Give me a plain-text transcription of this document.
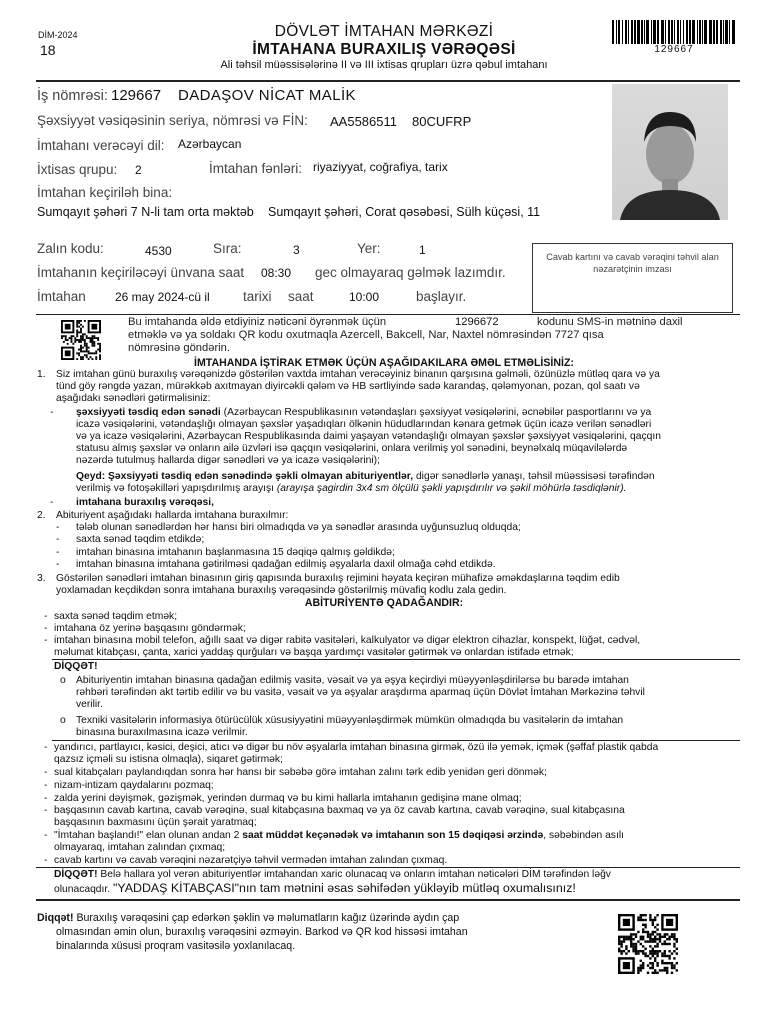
DİM-2024
18
DÖVLƏT İMTAHAN MƏRKƏZİ
İMTAHANA BURAXILIŞ VƏRƏQƏSİ
Ali təhsil müəssisələrinə II və III ixtisas qrupları üzrə qəbul imtahanı
129667
İş nömrəsi: 129667 DADAŞOV NİCAT MALİK
Şəxsiyyət vəsiqəsinin seriya, nömrəsi və FİN: AA5586511 80CUFRP
İmtahanı verəcəyi dil: Azərbaycan
İxtisas qrupu: 2	İmtahan fənləri: riyaziyyat, coğrafiya, tarix
İmtahan keçiriləh bina:
Sumqayıt şəhəri 7 N-li tam orta məktəb Sumqayıt şəhəri, Corat qəsəbəsi, Sülh küçəsi, 11
Zalın kodu:	4530	Sıra:	3	Yer:	1
İmtahanın keçiriləcəyi ünvana saat 08:30 gec olmayaraq gəlmək lazımdır.
İmtahan 26 may 2024-cü il tarixi saat	10:00	başlayır.
Cavab kartını və cavab vərəqini təhvil alan nəzarətçinin imzası
Bu imtahanda əldə etdiyiniz nəticəni öyrənmək üçün	1296672	kodunu SMS-in mətninə daxil
etməklə və ya soldakı QR kodu oxutmaqla Azercell, Bakcell, Nar, Naxtel nömrəsindən 7727 qısa
nömrəsinə göndərin.
İMTAHANDA İŞTİRAK ETMƏK ÜÇÜN AŞAĞIDAKILARA ƏMƏL ETMƏLİSİNİZ:
1. Siz imtahan günü buraxılış vərəqənizdə göstərilən vaxtda imtahan verəcəyiniz binanın qarşısına gəlməli, özünüzlə mütləq qara və ya
tünd göy rəngdə yazan, mürəkkəb axıtmayan diyircəkli qələm və HB sərtliyində sadə karandaş, qələmyonan, pozan, qol saatı və
aşağıdakı sənədləri gətirməlisiniz:
- şəxsiyyəti təsdiq edən sənədi (Azərbaycan Respublikasının vətəndaşları şəxsiyyət vəsiqələrini, əcnəbilər pasportlarını və ya
icazə vəsiqələrini, vətəndaşlığı olmayan şəxslər yaşadıqları ölkənin hüdudlarından kənara getmək üçün icazə verilən sənədləri
və ya icazə vəsiqələrini, Azərbaycan Respublikasında daimi yaşayan vətəndaşlığı olmayan şəxslər şəxsiyyət vəsiqələrini, qaçqın
statusu almış şəxslər və onların ailə üzvləri isə qaçqın vəsiqələrini, onlara verilmiş yol sənədini, beynəlxalq müqavilələrdə
nəzərdə tutulmuş hallarda digər sənədləri və ya icazə vəsiqələrini);
Qeyd: Şəxsiyyəti təsdiq edən sənədində şəkli olmayan abituriyentlər, digər sənədlərlə yanaşı, təhsil müəssisəsi tərəfindən
verilmiş və fotoşəkilləri yapışdırılmış arayışı (arayışa şagirdin 3x4 sm ölçülü şəkli yapışdırılır və şəkil möhürlə təsdiqlənir).
- imtahana buraxılış vərəqəsi,
2. Abituriyent aşağıdakı hallarda imtahana buraxılmır:
- tələb olunan sənədlərdən hər hansı biri olmadıqda və ya sənədlər arasında uyğunsuzluq olduqda;
- saxta sənəd təqdim etdikdə;
- imtahan binasına imtahanın başlanmasına 15 dəqiqə qalmış gəldikdə;
- imtahan binasına imtahana gətirilməsi qadağan edilmiş əşyalarla daxil olmağa cəhd etdikdə.
3. Göstərilən sənədləri imtahan binasının giriş qapısında buraxılış rejimini həyata keçirən mühafizə əməkdaşlarına təqdim edib
yoxlamadan keçdikdən sonra imtahana buraxılış vərəqəsində göstərilmiş müvafiq kodlu zala gedin.
ABİTURİYENTƏ QADAĞANDIR:
- saxta sənəd təqdim etmək;
- imtahana öz yerinə başqasını göndərmək;
- imtahan binasına mobil telefon, ağıllı saat və digər rabitə vasitələri, kalkulyator və digər elektron cihazlar, konspekt, lüğət, cədvəl,
məlumat kitabçası, çanta, xarici yaddaş qurğuları və başqa yardımçı vasitələr gətirmək və onlardan istifadə etmək;
DİQQƏT!
o Abituriyentin imtahan binasına qadağan edilmiş vasitə, vəsait və ya əşya keçirdiyi müəyyənləşdirilərsə bu barədə imtahan
rəhbəri tərəfindən akt tərtib edilir və bu vasitə, vəsait və ya əşyalar araşdırma aparmaq üçün Dövlət İmtahan Mərkəzinə təhvil
verilir.
o Texniki vasitələrin informasiya ötürücülük xüsusiyyətini müəyyənləşdirmək mümkün olmadıqda bu vasitələrin də imtahan
binasına buraxılmasına icazə verilmir.
- yandırıcı, partlayıcı, kəsici, deşici, atıcı və digər bu növ əşyalarla imtahan binasına girmək, özü ilə yemək, içmək (şəffaf plastik qabda
qazsız içməli su istisna olmaqla), siqaret gətirmək;
- sual kitabçaları paylandıqdan sonra hər hansı bir səbəbə görə imtahan zalını tərk edib yenidən geri dönmək;
- nizam-intizam qaydalarını pozmaq;
- zalda yerini dəyişmək, gəzişmək, yerindən durmaq və bu kimi hallarla imtahanın gedişinə mane olmaq;
- başqasının cavab kartına, cavab vərəqinə, sual kitabçasına baxmaq və ya öz cavab kartına, cavab vərəqinə, sual kitabçasına
başqasının baxmasını üçün şərait yaratmaq;
- "İmtahan başlandı!" elan olunan andan 2 saat müddət keçənədək və imtahanın son 15 dəqiqəsi ərzində, səbəbindən asılı
olmayaraq, imtahan zalından çıxmaq;
- cavab kartını və cavab vərəqini nəzarətçiyə təhvil vermədən imtahan zalından çıxmaq.
DİQQƏT! Belə hallara yol verən abituriyentlər imtahandan xaric olunacaq və onların imtahan nəticələri DİM tərəfindən ləğv
olunacaqdır. "YADDAŞ KİTABÇASI"nın tam mətnini əsas səhifədən yükləyib mütləq oxumalısınız!
Diqqət! Buraxılış vərəqəsini çap edərkən şəklin və məlumatların kağız üzərində aydın çap
olmasından əmin olun, buraxılış vərəqəsini əzməyin. Barkod və QR kod hissəsi imtahan
binalarında xüsusi proqram vasitəsilə yoxlanılacaq.
